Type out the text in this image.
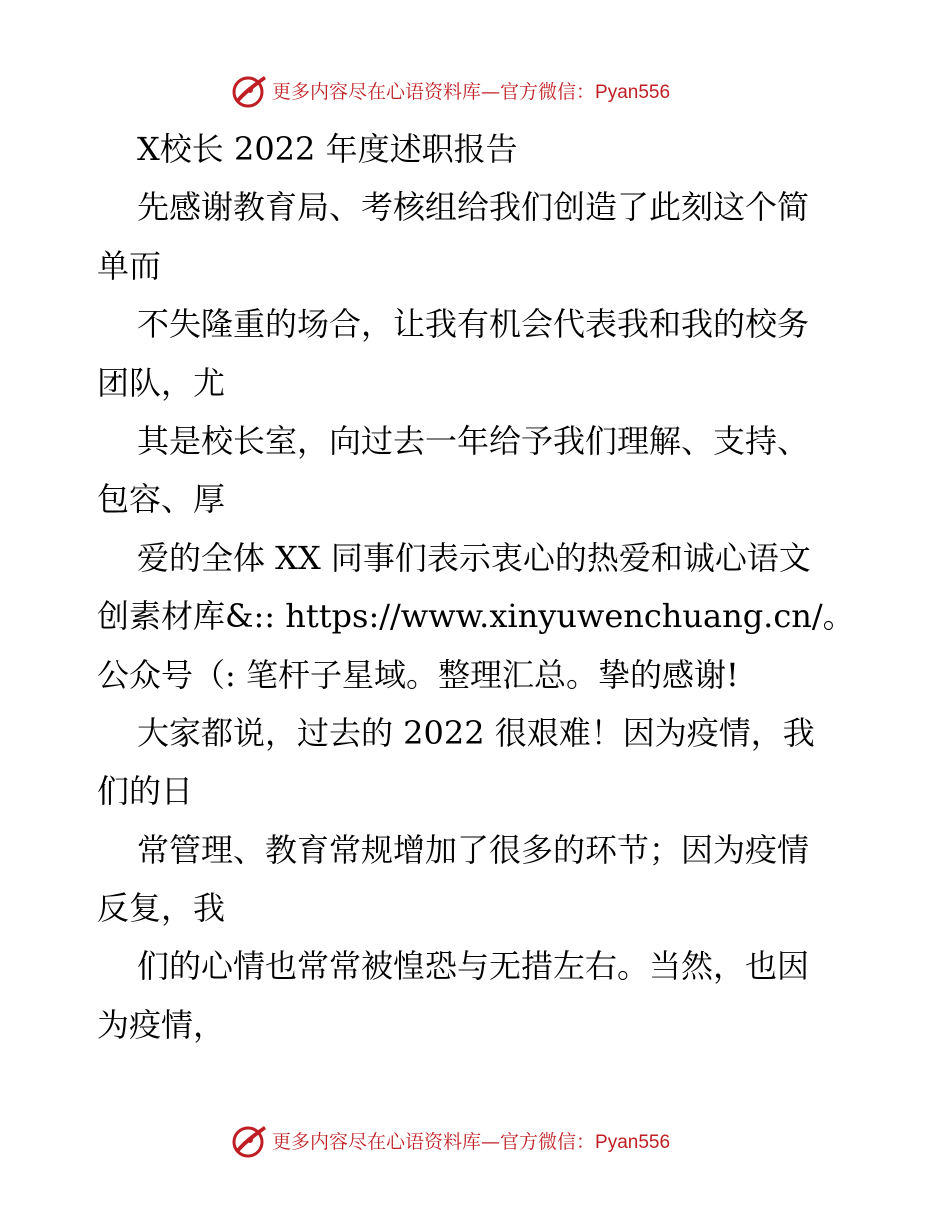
更多内容尽在心语资料库—官方微信：Pyan556
X校长 2022 年度述职报告
先感谢教育局、考核组给我们创造了此刻这个简
单而
不失隆重的场合，让我有机会代表我和我的校务
团队，尤
其是校长室，向过去一年给予我们理解、支持、
包容、厚
爱的全体 XX 同事们表示衷心的热爱和诚心语文
创素材库&:: https://www.xinyuwenchuang.cn/。
公众号（: 笔杆子星域。整理汇总。挚的感谢!
大家都说，过去的 2022 很艰难！因为疫情，我
们的日
常管理、教育常规增加了很多的环节；因为疫情
反复，我
们的心情也常常被惶恐与无措左右。当然，也因
为疫情，
更多内容尽在心语资料库—官方微信：Pyan556
